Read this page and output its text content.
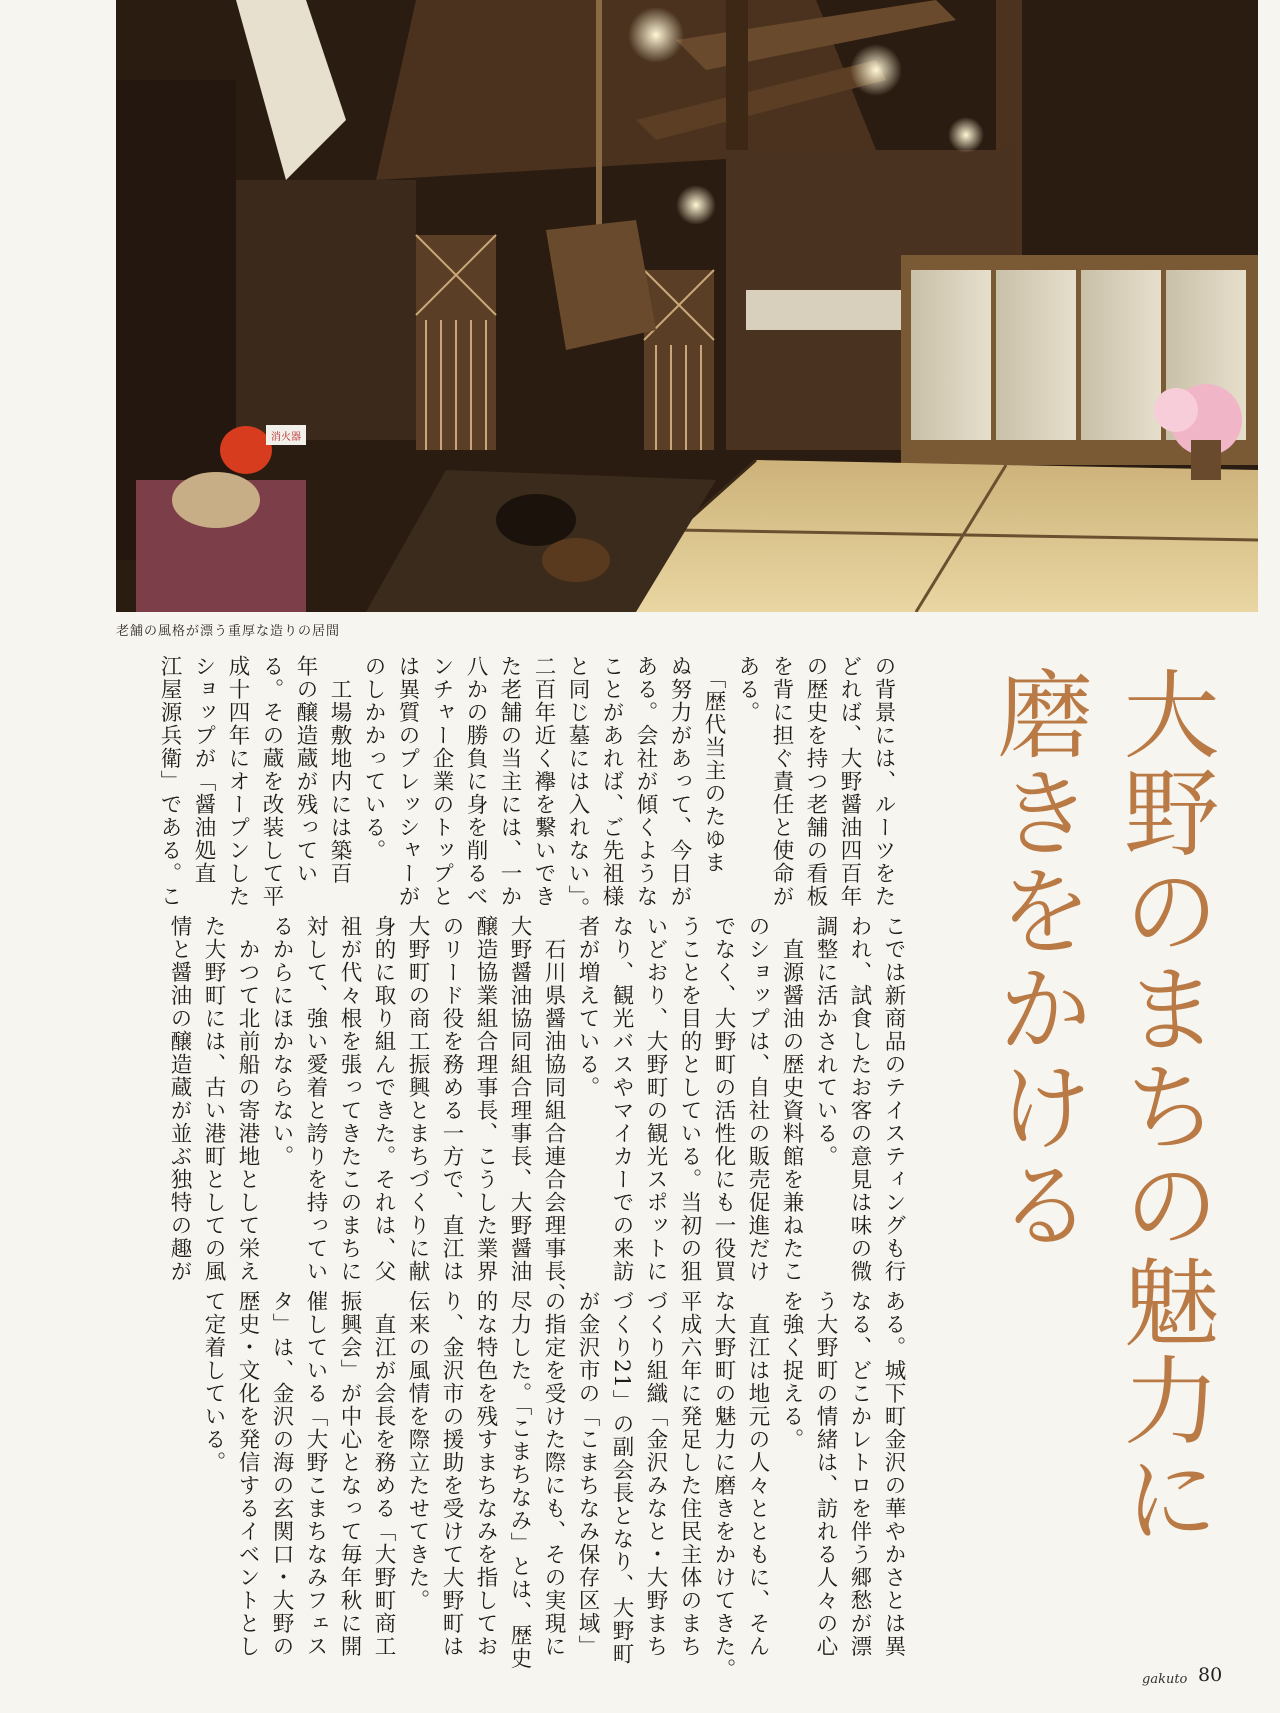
消火器
老舗の風格が漂う重厚な造りの居間
大野のまちの魅力に
磨きをかける
の背景には、ルーツをた
どれば、大野醤油四百年
の歴史を持つ老舗の看板
を背に担ぐ責任と使命が
ある。
　「歴代当主のたゆま
ぬ努力があって、今日が
ある。会社が傾くような
ことがあれば、ご先祖様
と同じ墓には入れない」。
二百年近く襷を繋いでき
た老舗の当主には、一か
八かの勝負に身を削るべ
ンチャー企業のトップと
は異質のプレッシャーが
のしかかっている。
　工場敷地内には築百
年の醸造蔵が残ってい
る。その蔵を改装して平
成十四年にオープンした
ショップが「醤油処直
江屋源兵衛」である。こ
こでは新商品のテイスティングも行
われ、試食したお客の意見は味の微
調整に活かされている。
　直源醤油の歴史資料館を兼ねたこ
のショップは、自社の販売促進だけ
でなく、大野町の活性化にも一役買
うことを目的としている。当初の狙
いどおり、大野町の観光スポットに
なり、観光バスやマイカーでの来訪
者が増えている。
　石川県醤油協同組合連合会理事長、
大野醤油協同組合理事長、大野醤油
醸造協業組合理事長、こうした業界
のリード役を務める一方で、直江は
大野町の商工振興とまちづくりに献
身的に取り組んできた。それは、父
祖が代々根を張ってきたこのまちに
対して、強い愛着と誇りを持ってい
るからにほかならない。
　かつて北前船の寄港地として栄え
た大野町には、古い港町としての風
情と醤油の醸造蔵が並ぶ独特の趣が
ある。城下町金沢の華やかさとは異
なる、どこかレトロを伴う郷愁が漂
う大野町の情緒は、訪れる人々の心
を強く捉える。
　直江は地元の人々とともに、そん
な大野町の魅力に磨きをかけてきた。
平成六年に発足した住民主体のまち
づくり組織「金沢みなと・大野まち
づくり21」の副会長となり、大野町
が金沢市の「こまちなみ保存区域」
の指定を受けた際にも、その実現に
尽力した。「こまちなみ」とは、歴史
的な特色を残すまちなみを指してお
り、金沢市の援助を受けて大野町は
伝来の風情を際立たせてきた。
　直江が会長を務める「大野町商工
振興会」が中心となって毎年秋に開
催している「大野こまちなみフェス
タ」は、金沢の海の玄関口・大野の
歴史・文化を発信するイベントとし
て定着している。
gakuto 80
